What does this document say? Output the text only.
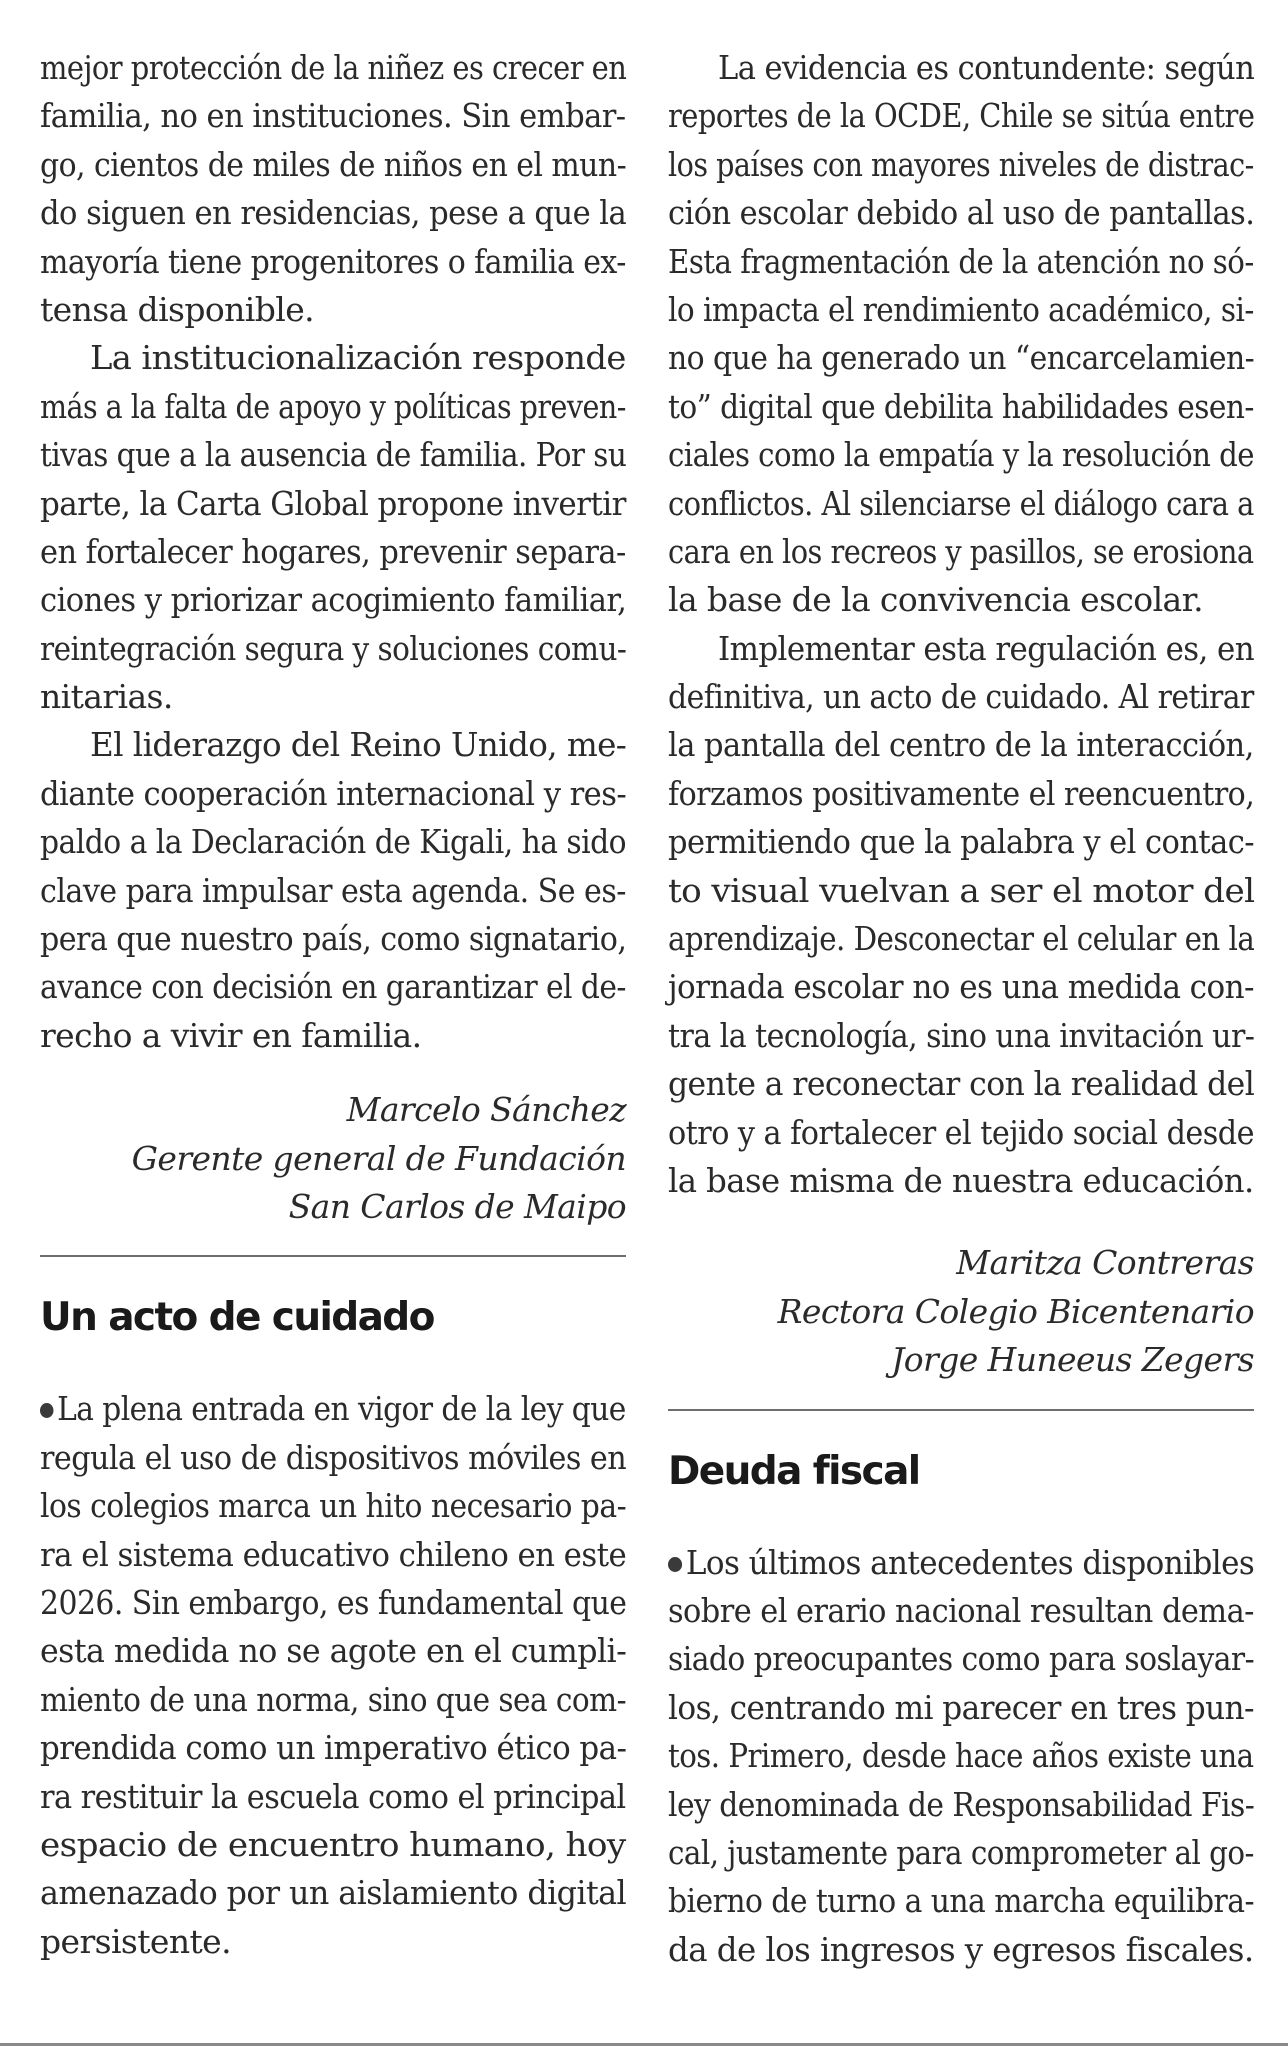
mejor protección de la niñez es crecer en
familia, no en instituciones. Sin embar-
go, cientos de miles de niños en el mun-
do siguen en residencias, pese a que la
mayoría tiene progenitores o familia ex-
tensa disponible.
La institucionalización responde
más a la falta de apoyo y políticas preven-
tivas que a la ausencia de familia. Por su
parte, la Carta Global propone invertir
en fortalecer hogares, prevenir separa-
ciones y priorizar acogimiento familiar,
reintegración segura y soluciones comu-
nitarias.
El liderazgo del Reino Unido, me-
diante cooperación internacional y res-
paldo a la Declaración de Kigali, ha sido
clave para impulsar esta agenda. Se es-
pera que nuestro país, como signatario,
avance con decisión en garantizar el de-
recho a vivir en familia.
Marcelo Sánchez
Gerente general de Fundación
San Carlos de Maipo
Un acto de cuidado
La plena entrada en vigor de la ley que
regula el uso de dispositivos móviles en
los colegios marca un hito necesario pa-
ra el sistema educativo chileno en este
2026. Sin embargo, es fundamental que
esta medida no se agote en el cumpli-
miento de una norma, sino que sea com-
prendida como un imperativo ético pa-
ra restituir la escuela como el principal
espacio de encuentro humano, hoy
amenazado por un aislamiento digital
persistente.
La evidencia es contundente: según
reportes de la OCDE, Chile se sitúa entre
los países con mayores niveles de distrac-
ción escolar debido al uso de pantallas.
Esta fragmentación de la atención no só-
lo impacta el rendimiento académico, si-
no que ha generado un “encarcelamien-
to” digital que debilita habilidades esen-
ciales como la empatía y la resolución de
conflictos. Al silenciarse el diálogo cara a
cara en los recreos y pasillos, se erosiona
la base de la convivencia escolar.
Implementar esta regulación es, en
definitiva, un acto de cuidado. Al retirar
la pantalla del centro de la interacción,
forzamos positivamente el reencuentro,
permitiendo que la palabra y el contac-
to visual vuelvan a ser el motor del
aprendizaje. Desconectar el celular en la
jornada escolar no es una medida con-
tra la tecnología, sino una invitación ur-
gente a reconectar con la realidad del
otro y a fortalecer el tejido social desde
la base misma de nuestra educación.
Maritza Contreras
Rectora Colegio Bicentenario
Jorge Huneeus Zegers
Deuda fiscal
Los últimos antecedentes disponibles
sobre el erario nacional resultan dema-
siado preocupantes como para soslayar-
los, centrando mi parecer en tres pun-
tos. Primero, desde hace años existe una
ley denominada de Responsabilidad Fis-
cal, justamente para comprometer al go-
bierno de turno a una marcha equilibra-
da de los ingresos y egresos fiscales.
